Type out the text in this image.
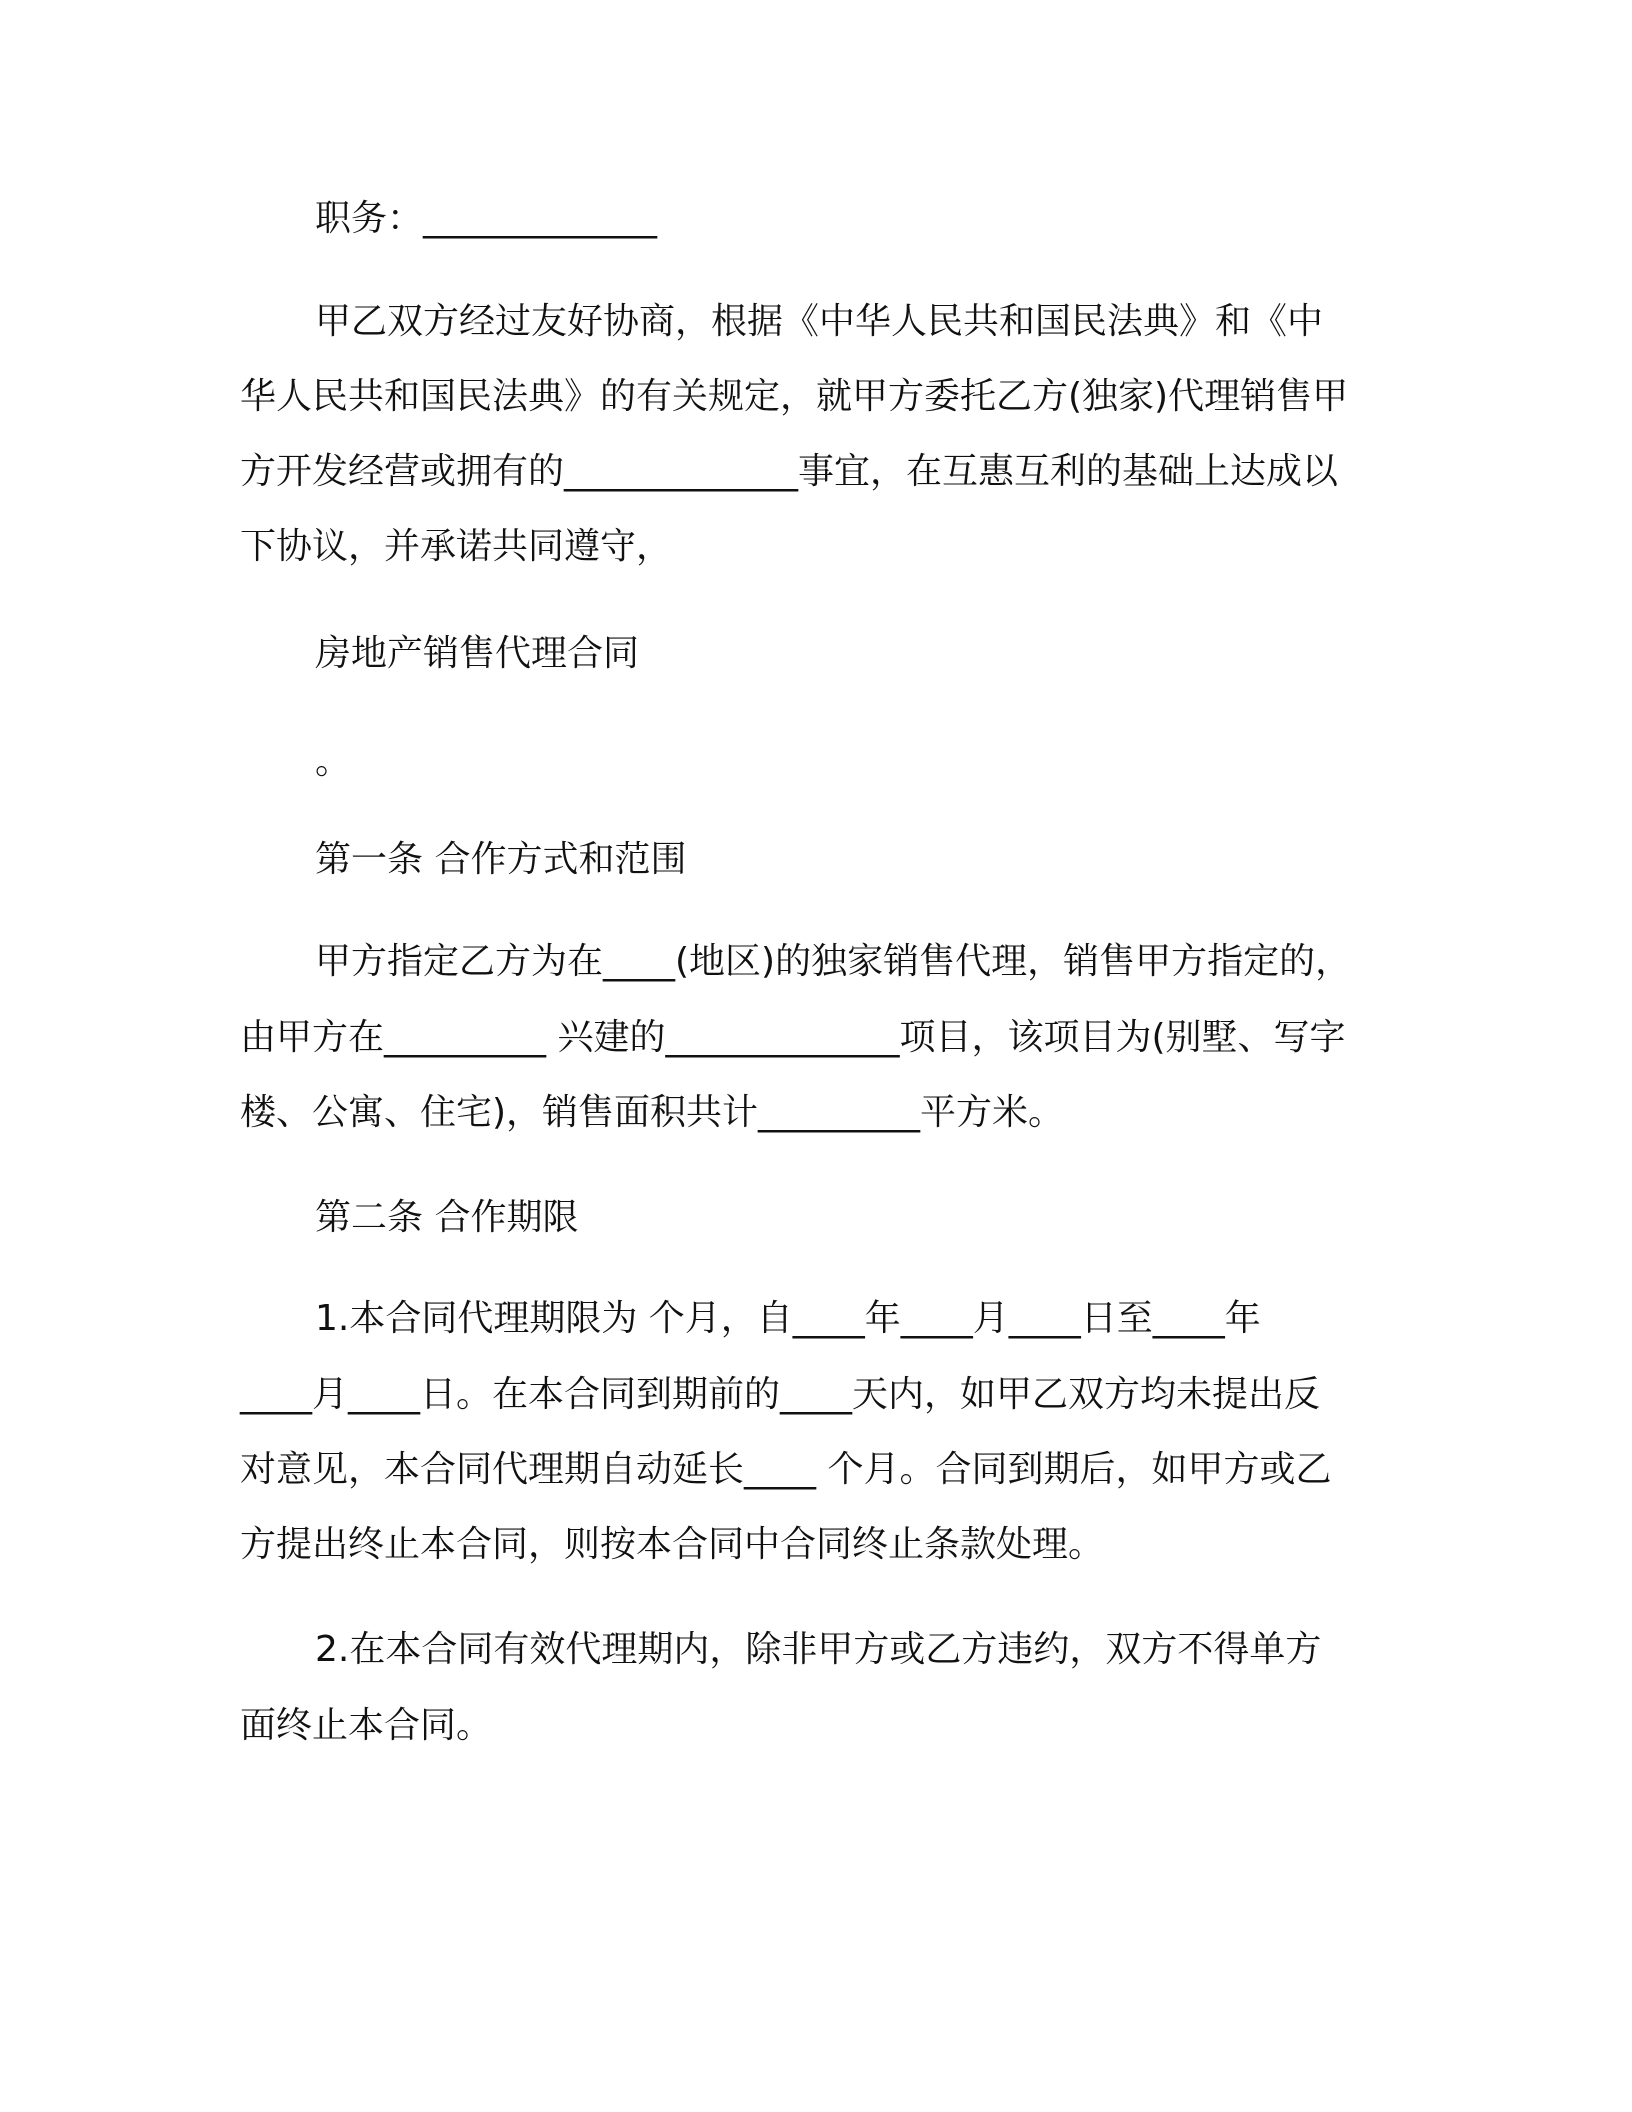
职务：_____________
甲乙双方经过友好协商，根据《中华人民共和国民法典》和《中
华人民共和国民法典》的有关规定，就甲方委托乙方(独家)代理销售甲
方开发经营或拥有的_____________事宜，在互惠互利的基础上达成以
下协议，并承诺共同遵守，
房地产销售代理合同
。
第一条 合作方式和范围
甲方指定乙方为在____(地区)的独家销售代理，销售甲方指定的，
由甲方在_________ 兴建的_____________项目，该项目为(别墅、写字
楼、公寓、住宅)，销售面积共计_________平方米。
第二条 合作期限
1.本合同代理期限为 个月，自____年____月____日至____年
____月____日。在本合同到期前的____天内，如甲乙双方均未提出反
对意见，本合同代理期自动延长____ 个月。合同到期后，如甲方或乙
方提出终止本合同，则按本合同中合同终止条款处理。
2.在本合同有效代理期内，除非甲方或乙方违约，双方不得单方
面终止本合同。
